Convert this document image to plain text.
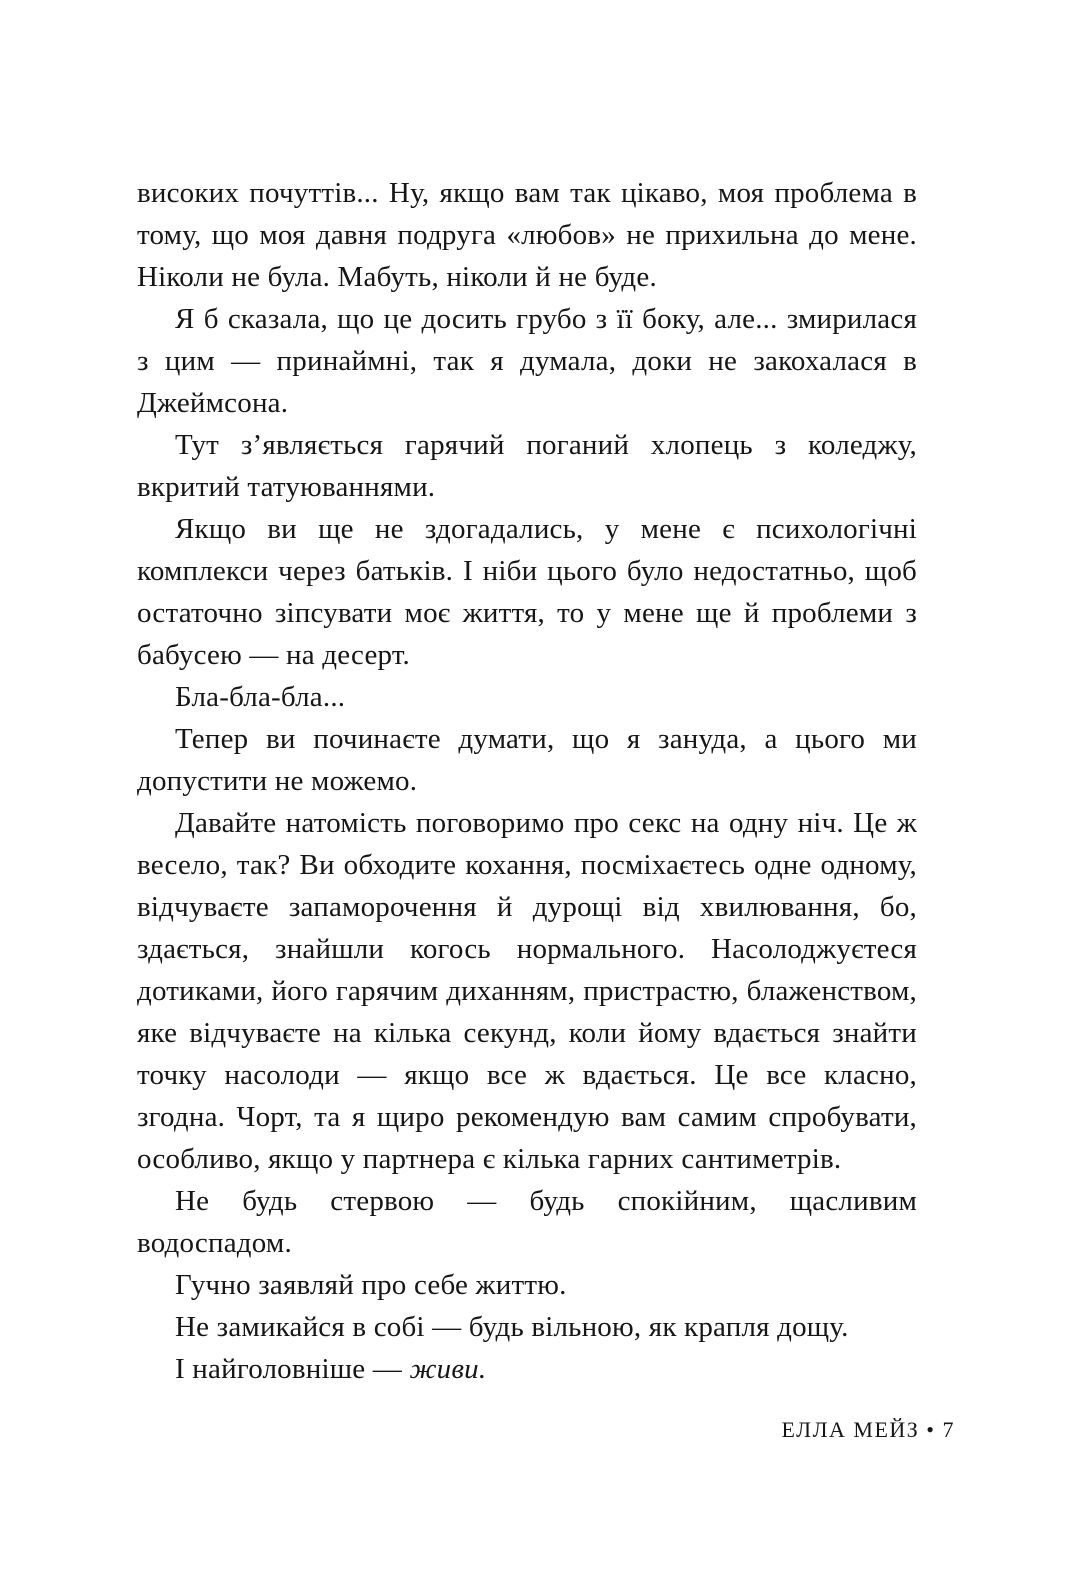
високих почуттів... Ну, якщо вам так цікаво, моя проблема в тому, що моя давня подруга «любов» не прихильна до мене. Ніколи не була. Мабуть, ніколи й не буде.

Я б сказала, що це досить грубо з її боку, але... змирилася з цим — принаймні, так я думала, доки не закохалася в Джеймсона.

Тут з’являється гарячий поганий хлопець з коледжу, вкритий татуюваннями.

Якщо ви ще не здогадались, у мене є психологічні комплекси через батьків. І ніби цього було недостатньо, щоб остаточно зіпсувати моє життя, то у мене ще й проблеми з бабусею — на десерт.

Бла-бла-бла...

Тепер ви починаєте думати, що я зануда, а цього ми допустити не можемо.

Давайте натомість поговоримо про секс на одну ніч. Це ж весело, так? Ви обходите кохання, посміхаєтесь одне одному, відчуваєте запаморочення й дурощі від хвилювання, бо, здається, знайшли когось нормального. Насолоджуєтеся дотиками, його гарячим диханням, пристрастю, блаженством, яке відчуваєте на кілька секунд, коли йому вдається знайти точку насолоди — якщо все ж вдається. Це все класно, згодна. Чорт, та я щиро рекомендую вам самим спробувати, особливо, якщо у партнера є кілька гарних сантиметрів.

Не будь стервою — будь спокійним, щасливим водоспадом.

Гучно заявляй про себе життю.

Не замикайся в собі — будь вільною, як крапля дощу.

І найголовніше — живи.

ЕЛЛА МЕЙЗ • 7
